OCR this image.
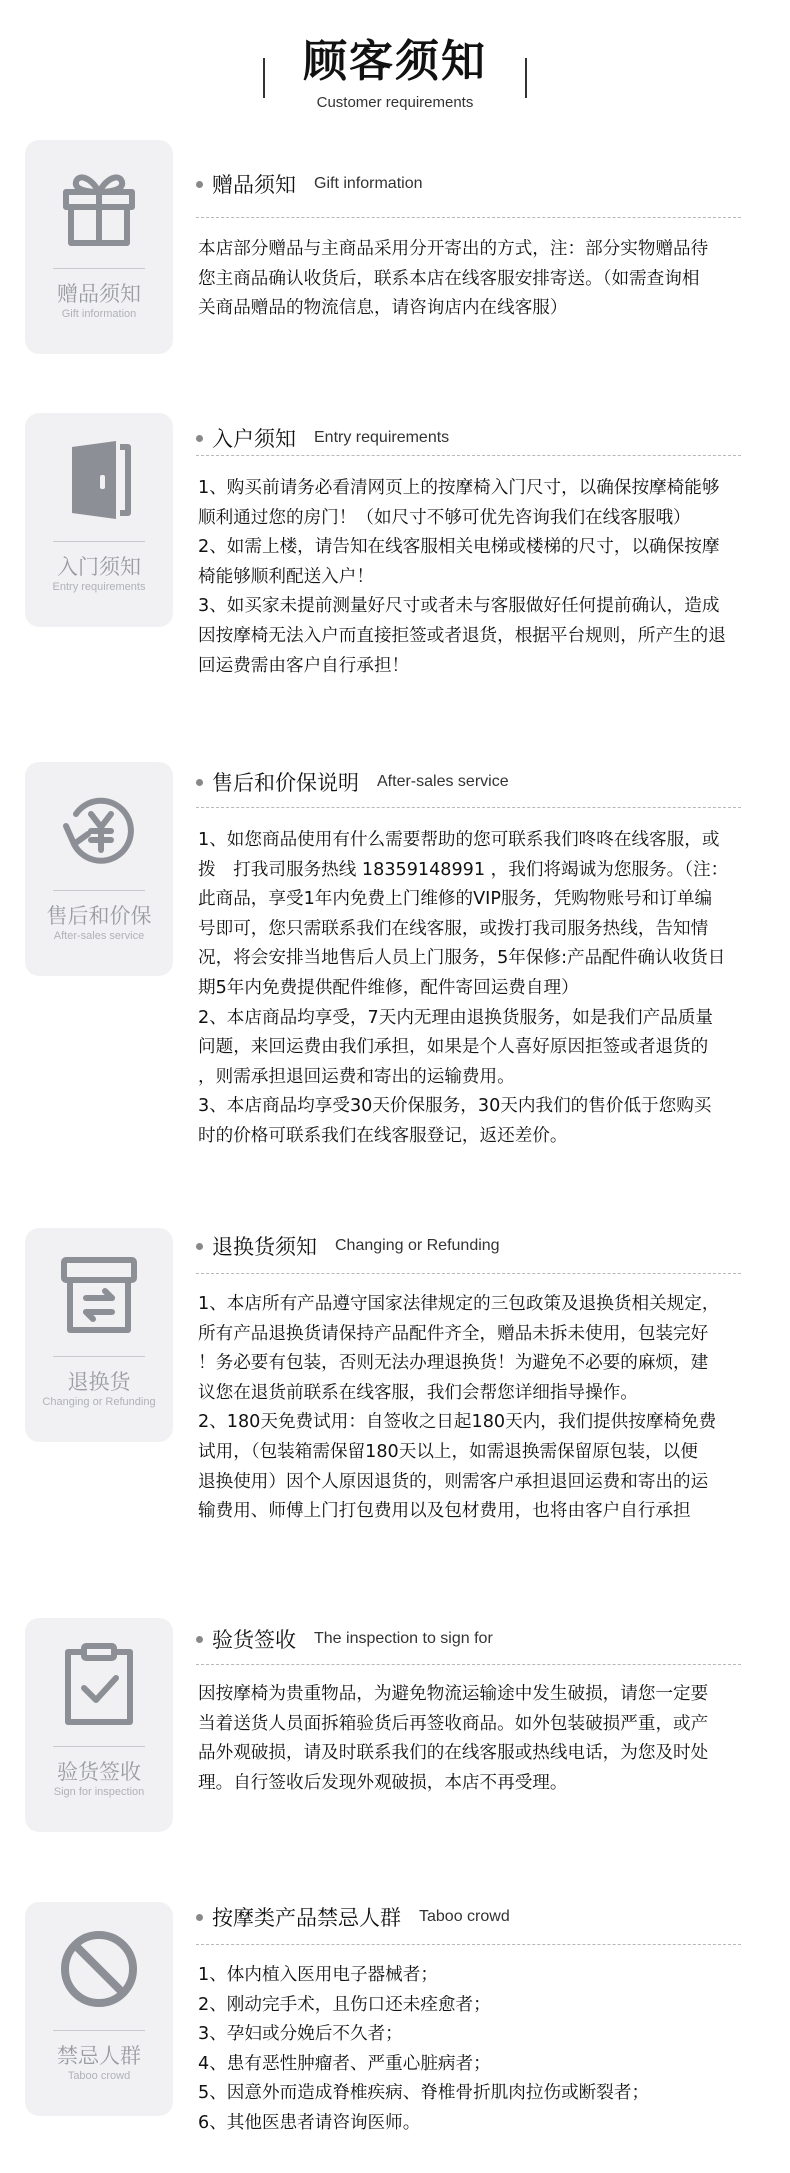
顾客须知
Customer requirements
赠品须知
Gift information
赠品须知 Gift information

本店部分赠品与主商品采用分开寄出的方式，注：部分实物赠品待

您主商品确认收货后，联系本店在线客服安排寄送。（如需查询相

关商品赠品的物流信息，请咨询店内在线客服）

入门须知
Entry requirements
入户须知 Entry requirements

1、购买前请务必看清网页上的按摩椅入门尺寸，以确保按摩椅能够

顺利通过您的房门！（如尺寸不够可优先咨询我们在线客服哦）

2、如需上楼，请告知在线客服相关电梯或楼梯的尺寸，以确保按摩

椅能够顺利配送入户！

3、如买家未提前测量好尺寸或者未与客服做好任何提前确认，造成

因按摩椅无法入户而直接拒签或者退货，根据平台规则，所产生的退

回运费需由客户自行承担！

售后和价保
After-sales service
售后和价保说明 After-sales service

1、如您商品使用有什么需要帮助的您可联系我们咚咚在线客服，或

拨　打我司服务热线 18359148991 ，我们将竭诚为您服务。（注：

此商品，享受1年内免费上门维修的VIP服务，凭购物账号和订单编

号即可，您只需联系我们在线客服，或拨打我司服务热线，告知情

况，将会安排当地售后人员上门服务，5年保修:产品配件确认收货日

期5年内免费提供配件维修，配件寄回运费自理）

2、本店商品均享受，7天内无理由退换货服务，如是我们产品质量

问题，来回运费由我们承担，如果是个人喜好原因拒签或者退货的

，则需承担退回运费和寄出的运输费用。

3、本店商品均享受30天价保服务，30天内我们的售价低于您购买

时的价格可联系我们在线客服登记，返还差价。

退换货
Changing or Refunding
退换货须知 Changing or Refunding

1、本店所有产品遵守国家法律规定的三包政策及退换货相关规定，

所有产品退换货请保持产品配件齐全，赠品未拆未使用，包装完好

！务必要有包装，否则无法办理退换货！为避免不必要的麻烦，建

议您在退货前联系在线客服，我们会帮您详细指导操作。

2、180天免费试用：自签收之日起180天内，我们提供按摩椅免费

试用，（包装箱需保留180天以上，如需退换需保留原包装，以便

退换使用）因个人原因退货的，则需客户承担退回运费和寄出的运

输费用、师傅上门打包费用以及包材费用，也将由客户自行承担

验货签收
Sign for inspection
验货签收 The inspection to sign for

因按摩椅为贵重物品，为避免物流运输途中发生破损，请您一定要

当着送货人员面拆箱验货后再签收商品。如外包装破损严重，或产

品外观破损，请及时联系我们的在线客服或热线电话，为您及时处

理。自行签收后发现外观破损，本店不再受理。

禁忌人群
Taboo crowd
按摩类产品禁忌人群 Taboo crowd

1、体内植入医用电子器械者；

2、刚动完手术，且伤口还未痊愈者；

3、孕妇或分娩后不久者；

4、患有恶性肿瘤者、严重心脏病者；

5、因意外而造成脊椎疾病、脊椎骨折肌肉拉伤或断裂者；

6、其他医患者请咨询医师。
